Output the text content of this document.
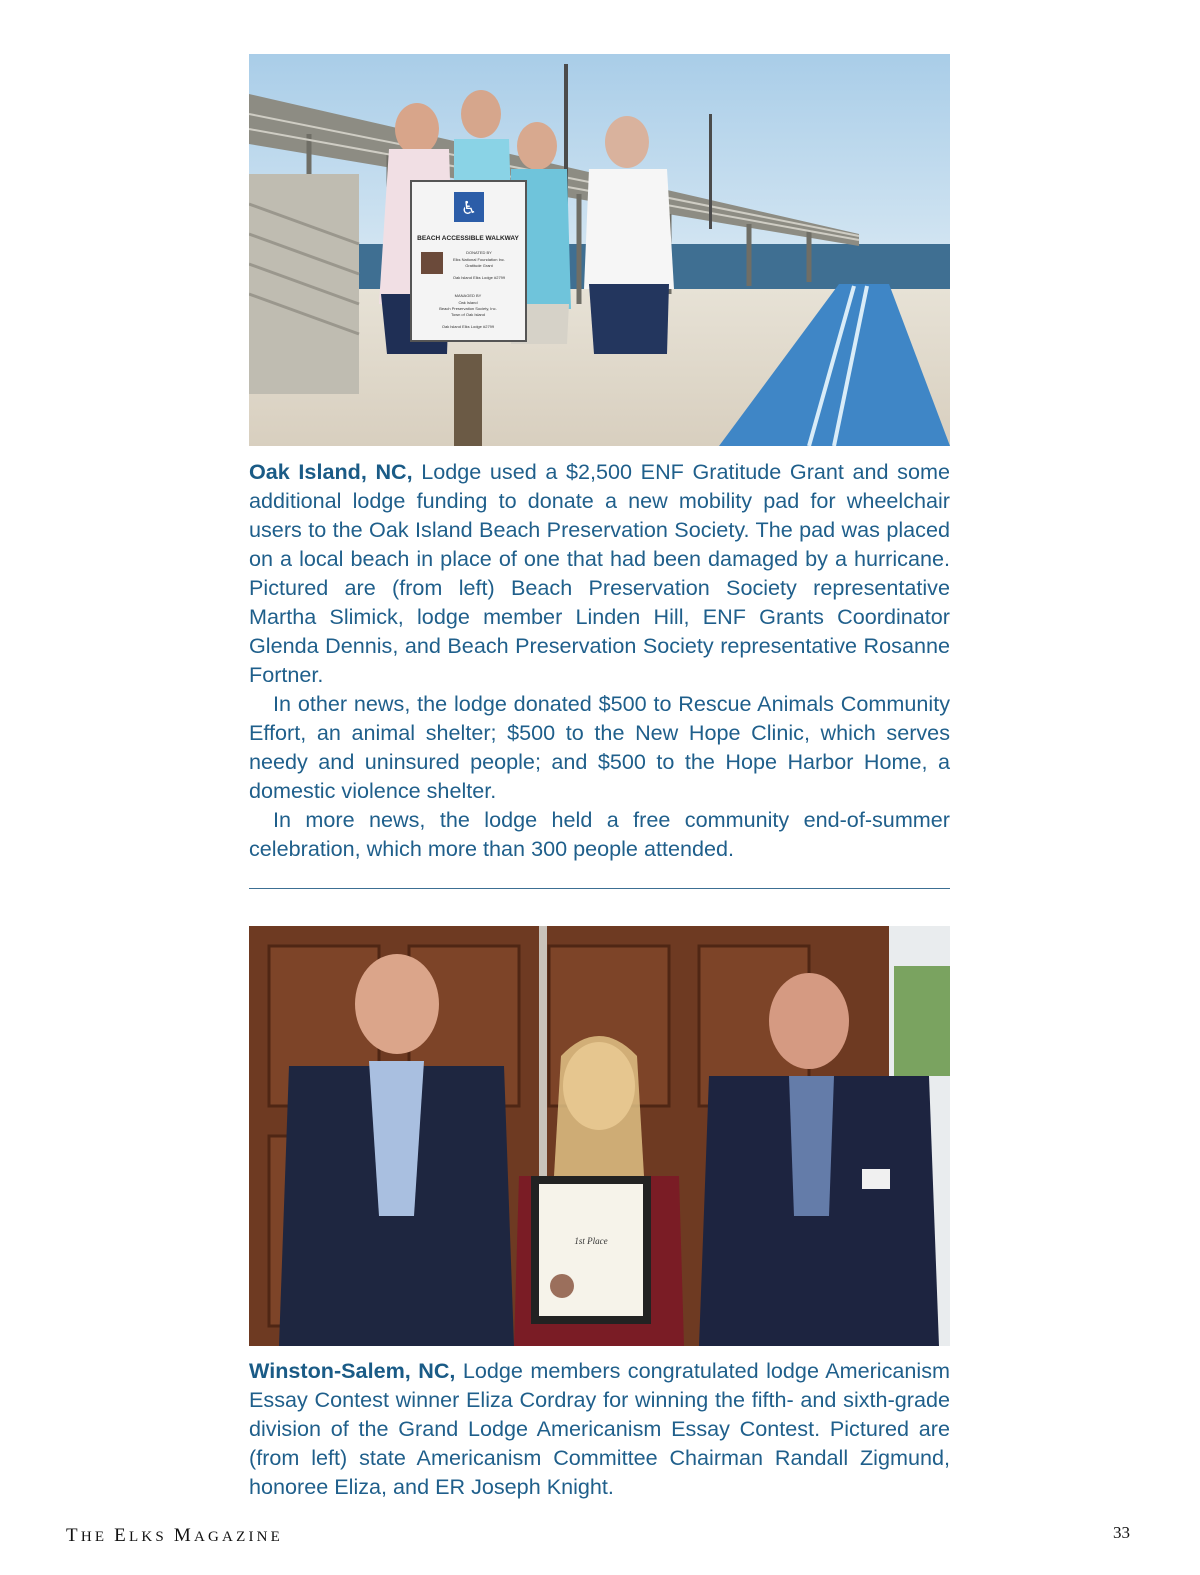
♿
BEACH ACCESSIBLE WALKWAY
DONATED BY
Elks National Foundation Inc.
Gratitude Grant
Oak Island Elks Lodge #2799
MANAGED BY
Oak Island
Beach Preservation Society, Inc.
Town of Oak Island
Oak Island Elks Lodge #2799

Oak Island, NC, Lodge used a $2,500 ENF Gratitude Grant and some additional lodge funding to donate a new mobility pad for wheelchair users to the Oak Island Beach Preservation Society. The pad was placed on a local beach in place of one that had been damaged by a hurricane. Pictured are (from left) Beach Preservation Society representative Martha Slimick, lodge member Linden Hill, ENF Grants Coordinator Glenda Dennis, and Beach Preservation Society representative Rosanne Fortner.

In other news, the lodge donated $500 to Rescue Animals Community Effort, an animal shelter; $500 to the New Hope Clinic, which serves needy and uninsured people; and $500 to the Hope Harbor Home, a domestic violence shelter.

In more news, the lodge held a free community end-of-summer celebration, which more than 300 people attended.

1st Place

Winston-Salem, NC, Lodge members congratulated lodge Americanism Essay Contest winner Eliza Cordray for winning the fifth- and sixth-grade division of the Grand Lodge Americanism Essay Contest. Pictured are (from left) state Americanism Committee Chairman Randall Zigmund, honoree Eliza, and ER Joseph Knight.

THE ELKS MAGAZINE	33
